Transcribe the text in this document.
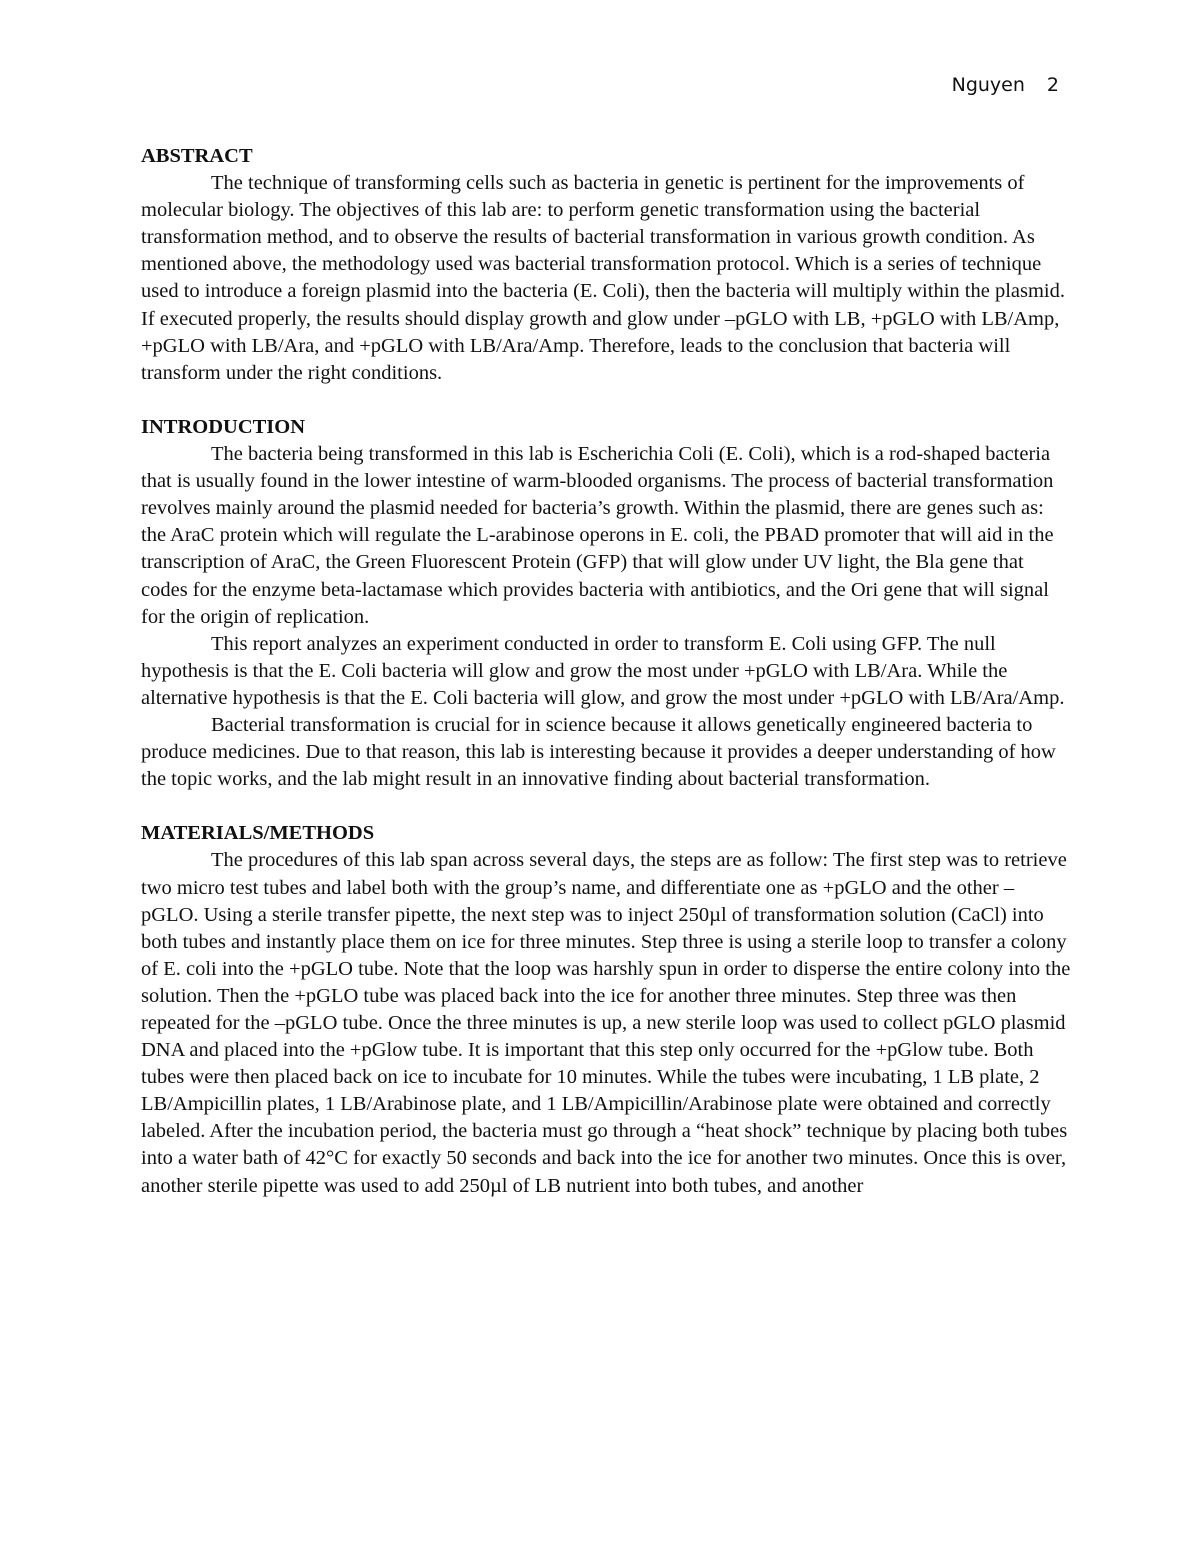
Nguyen 2

ABSTRACT

The technique of transforming cells such as bacteria in genetic is pertinent for the improvements of molecular biology. The objectives of this lab are: to perform genetic transformation using the bacterial transformation method, and to observe the results of bacterial transformation in various growth condition. As mentioned above, the methodology used was bacterial transformation protocol. Which is a series of technique used to introduce a foreign plasmid into the bacteria (E. Coli), then the bacteria will multiply within the plasmid.

If executed properly, the results should display growth and glow under –pGLO with LB, +pGLO with LB/Amp, +pGLO with LB/Ara, and +pGLO with LB/Ara/Amp. Therefore, leads to the conclusion that bacteria will transform under the right conditions.

INTRODUCTION

The bacteria being transformed in this lab is Escherichia Coli (E. Coli), which is a rod-shaped bacteria that is usually found in the lower intestine of warm-blooded organisms. The process of bacterial transformation revolves mainly around the plasmid needed for bacteria’s growth. Within the plasmid, there are genes such as: the AraC protein which will regulate the L-arabinose operons in E. coli, the PBAD promoter that will aid in the transcription of AraC, the Green Fluorescent Protein (GFP) that will glow under UV light, the Bla gene that codes for the enzyme beta-lactamase which provides bacteria with antibiotics, and the Ori gene that will signal for the origin of replication.

This report analyzes an experiment conducted in order to transform E. Coli using GFP. The null hypothesis is that the E. Coli bacteria will glow and grow the most under +pGLO with LB/Ara. While the alternative hypothesis is that the E. Coli bacteria will glow, and grow the most under +pGLO with LB/Ara/Amp.

Bacterial transformation is crucial for in science because it allows genetically engineered bacteria to produce medicines. Due to that reason, this lab is interesting because it provides a deeper understanding of how the topic works, and the lab might result in an innovative finding about bacterial transformation.

MATERIALS/METHODS

The procedures of this lab span across several days, the steps are as follow: The first step was to retrieve two micro test tubes and label both with the group’s name, and differentiate one as +pGLO and the other –pGLO. Using a sterile transfer pipette, the next step was to inject 250µl of transformation solution (CaCl) into both tubes and instantly place them on ice for three minutes. Step three is using a sterile loop to transfer a colony of E. coli into the +pGLO tube. Note that the loop was harshly spun in order to disperse the entire colony into the solution. Then the +pGLO tube was placed back into the ice for another three minutes. Step three was then repeated for the –pGLO tube. Once the three minutes is up, a new sterile loop was used to collect pGLO plasmid DNA and placed into the +pGlow tube. It is important that this step only occurred for the +pGlow tube. Both tubes were then placed back on ice to incubate for 10 minutes. While the tubes were incubating, 1 LB plate, 2 LB/Ampicillin plates, 1 LB/Arabinose plate, and 1 LB/Ampicillin/Arabinose plate were obtained and correctly labeled. After the incubation period, the bacteria must go through a “heat shock” technique by placing both tubes into a water bath of 42°C for exactly 50 seconds and back into the ice for another two minutes. Once this is over, another sterile pipette was used to add 250µl of LB nutrient into both tubes, and another
